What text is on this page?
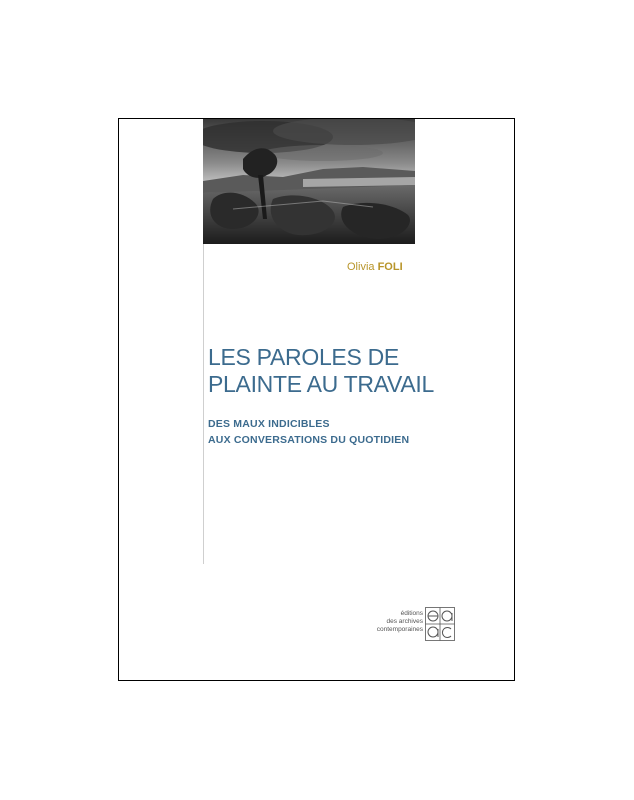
Olivia FOLI
LES PAROLES DE
PLAINTE AU TRAVAIL
DES MAUX INDICIBLES
AUX CONVERSATIONS DU QUOTIDIEN
éditions
des archives
contemporaines
